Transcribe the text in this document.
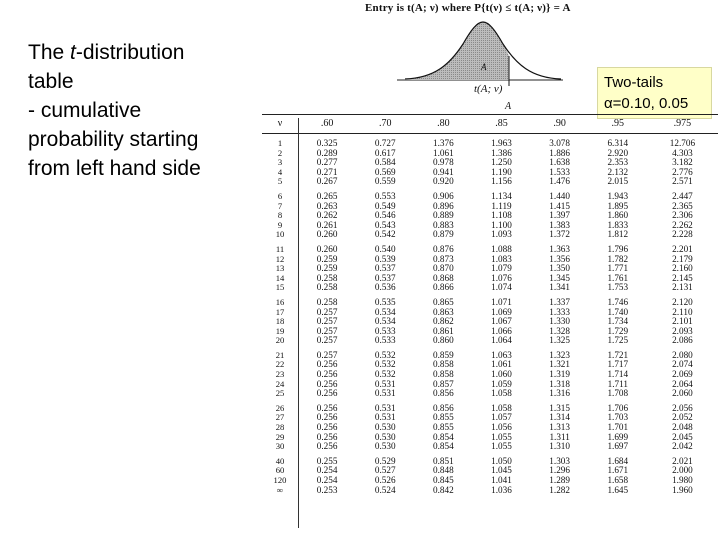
The t-distribution
table
- cumulative
probability starting
from left hand side
Entry is t(A; ν) where P{t(ν) ≤ t(A; ν)} = A
A
t(A; ν)	Two-tails
α=0.10, 0.05
	A						
ν	.60	.70	.80	.85	.90	.95	.975

1	0.325	0.727	1.376	1.963	3.078	6.314	12.706
2	0.289	0.617	1.061	1.386	1.886	2.920	4.303
3	0.277	0.584	0.978	1.250	1.638	2.353	3.182
4	0.271	0.569	0.941	1.190	1.533	2.132	2.776
5	0.267	0.559	0.920	1.156	1.476	2.015	2.571

6	0.265	0.553	0.906	1.134	1.440	1.943	2.447
7	0.263	0.549	0.896	1.119	1.415	1.895	2.365
8	0.262	0.546	0.889	1.108	1.397	1.860	2.306
9	0.261	0.543	0.883	1.100	1.383	1.833	2.262
10	0.260	0.542	0.879	1.093	1.372	1.812	2.228

11	0.260	0.540	0.876	1.088	1.363	1.796	2.201
12	0.259	0.539	0.873	1.083	1.356	1.782	2.179
13	0.259	0.537	0.870	1.079	1.350	1.771	2.160
14	0.258	0.537	0.868	1.076	1.345	1.761	2.145
15	0.258	0.536	0.866	1.074	1.341	1.753	2.131

16	0.258	0.535	0.865	1.071	1.337	1.746	2.120
17	0.257	0.534	0.863	1.069	1.333	1.740	2.110
18	0.257	0.534	0.862	1.067	1.330	1.734	2.101
19	0.257	0.533	0.861	1.066	1.328	1.729	2.093
20	0.257	0.533	0.860	1.064	1.325	1.725	2.086

21	0.257	0.532	0.859	1.063	1.323	1.721	2.080
22	0.256	0.532	0.858	1.061	1.321	1.717	2.074
23	0.256	0.532	0.858	1.060	1.319	1.714	2.069
24	0.256	0.531	0.857	1.059	1.318	1.711	2.064
25	0.256	0.531	0.856	1.058	1.316	1.708	2.060

26	0.256	0.531	0.856	1.058	1.315	1.706	2.056
27	0.256	0.531	0.855	1.057	1.314	1.703	2.052
28	0.256	0.530	0.855	1.056	1.313	1.701	2.048
29	0.256	0.530	0.854	1.055	1.311	1.699	2.045
30	0.256	0.530	0.854	1.055	1.310	1.697	2.042

40	0.255	0.529	0.851	1.050	1.303	1.684	2.021
60	0.254	0.527	0.848	1.045	1.296	1.671	2.000
120	0.254	0.526	0.845	1.041	1.289	1.658	1.980
∞	0.253	0.524	0.842	1.036	1.282	1.645	1.960
